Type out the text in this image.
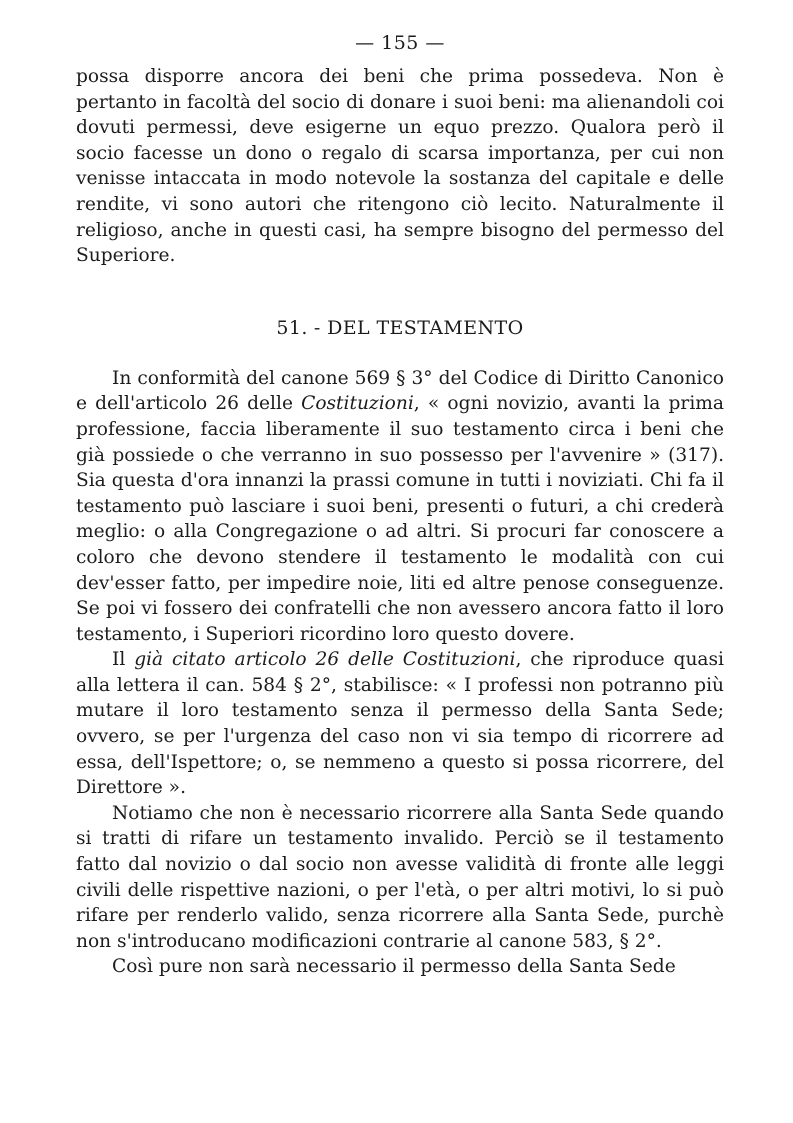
— 155 —

possa disporre ancora dei beni che prima possedeva. Non è pertanto in facoltà del socio di donare i suoi beni: ma alienandoli coi dovuti permessi, deve esigerne un equo prezzo. Qualora però il socio facesse un dono o regalo di scarsa importanza, per cui non venisse intaccata in modo notevole la sostanza del capitale e delle rendite, vi sono autori che ritengono ciò lecito. Naturalmente il religioso, anche in questi casi, ha sempre bisogno del permesso del Superiore.

51. - DEL TESTAMENTO

In conformità del canone 569 § 3° del Codice di Diritto Canonico e dell'articolo 26 delle Costituzioni, « ogni novizio, avanti la prima professione, faccia liberamente il suo testamento circa i beni che già possiede o che verranno in suo possesso per l'avvenire » (317). Sia questa d'ora innanzi la prassi comune in tutti i noviziati. Chi fa il testamento può lasciare i suoi beni, presenti o futuri, a chi crederà meglio: o alla Congregazione o ad altri. Si procuri far conoscere a coloro che devono stendere il testamento le modalità con cui dev'esser fatto, per impedire noie, liti ed altre penose conseguenze. Se poi vi fossero dei confratelli che non avessero ancora fatto il loro testamento, i Superiori ricordino loro questo dovere.

Il già citato articolo 26 delle Costituzioni, che riproduce quasi alla lettera il can. 584 § 2°, stabilisce: « I professi non potranno più mutare il loro testamento senza il permesso della Santa Sede; ovvero, se per l'urgenza del caso non vi sia tempo di ricorrere ad essa, dell'Ispettore; o, se nemmeno a questo si possa ricorrere, del Direttore ».

Notiamo che non è necessario ricorrere alla Santa Sede quando si tratti di rifare un testamento invalido. Perciò se il testamento fatto dal novizio o dal socio non avesse validità di fronte alle leggi civili delle rispettive nazioni, o per l'età, o per altri motivi, lo si può rifare per renderlo valido, senza ricorrere alla Santa Sede, purchè non s'introducano modificazioni contrarie al canone 583, § 2°.

Così pure non sarà necessario il permesso della Santa Sede
